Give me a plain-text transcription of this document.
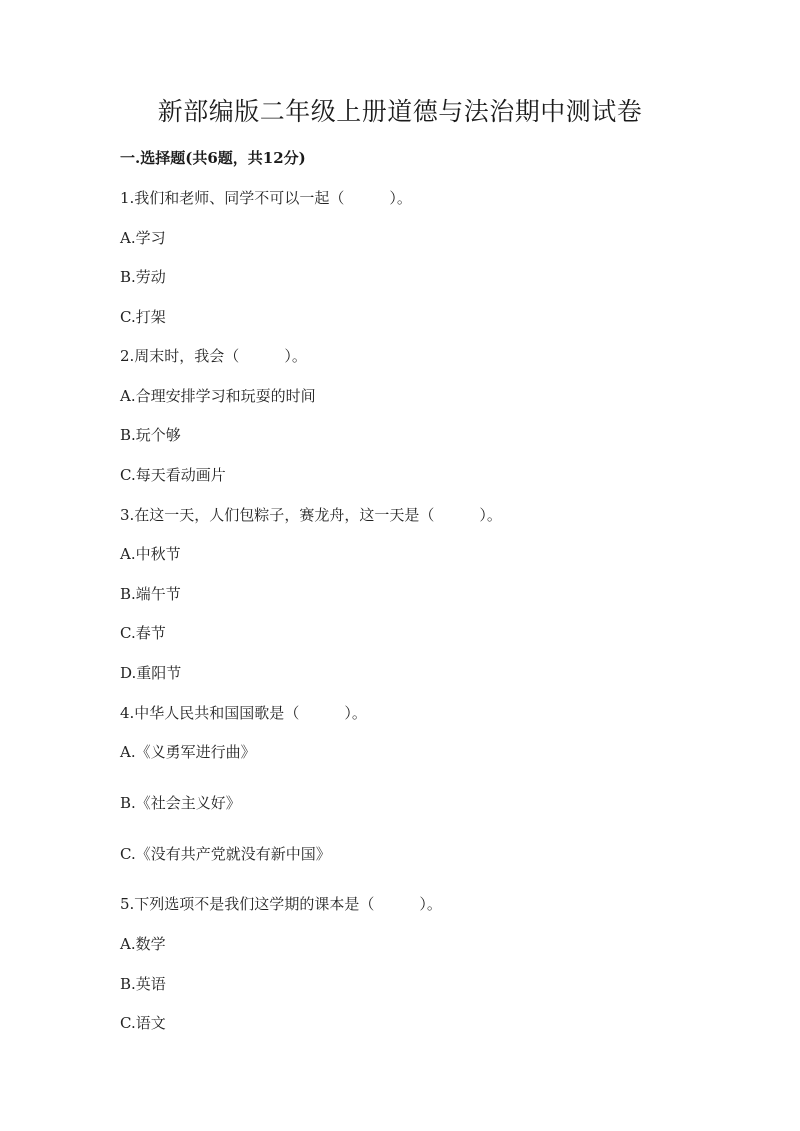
新部编版二年级上册道德与法治期中测试卷
一.选择题(共6题，共12分)
1.我们和老师、同学不可以一起（　　　）。
A.学习
B.劳动
C.打架
2.周末时，我会（　　　）。
A.合理安排学习和玩耍的时间
B.玩个够
C.每天看动画片
3.在这一天，人们包粽子，赛龙舟，这一天是（　　　）。
A.中秋节
B.端午节
C.春节
D.重阳节
4.中华人民共和国国歌是（　　　）。
A.《义勇军进行曲》
B.《社会主义好》
C.《没有共产党就没有新中国》
5.下列选项不是我们这学期的课本是（　　　）。
A.数学
B.英语
C.语文
